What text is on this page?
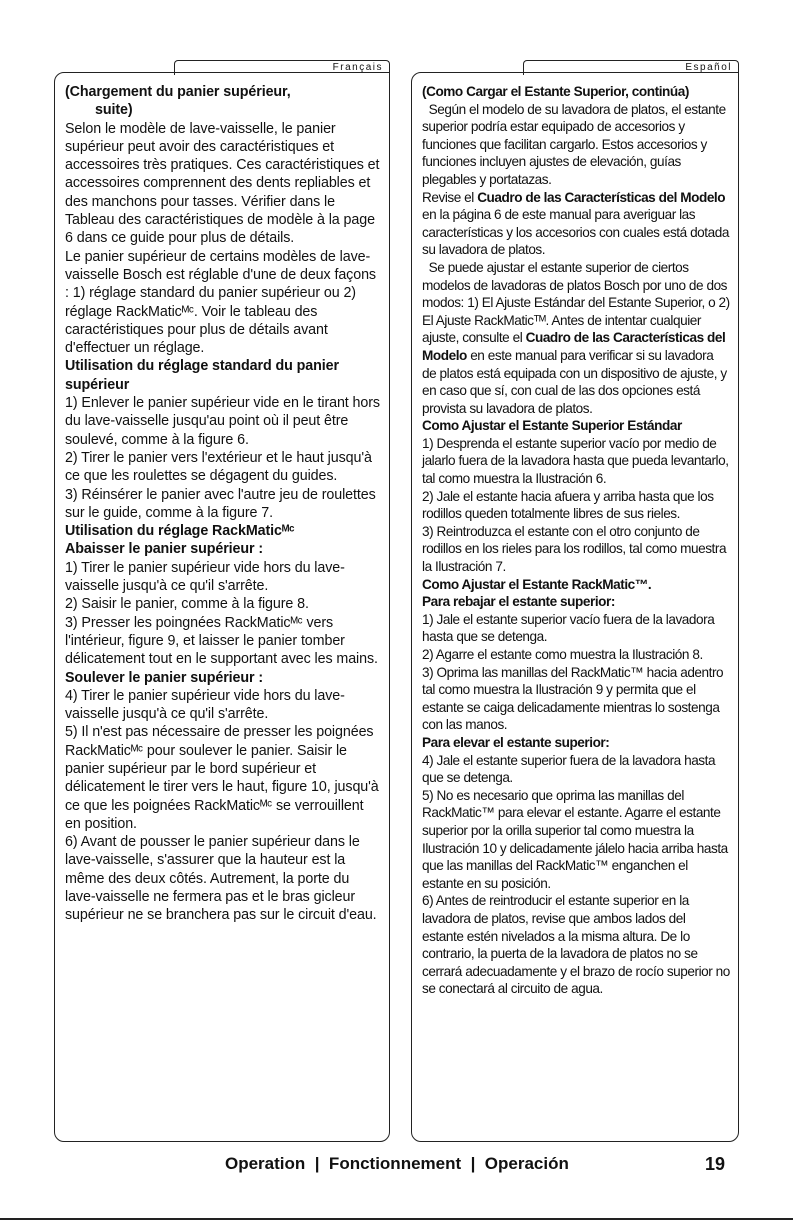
Français	Español

(Chargement du panier supérieur,

suite)

Selon le modèle de lave-vaisselle, le panier supérieur peut avoir des caractéristiques et accessoires très pratiques. Ces caractéristiques et accessoires comprennent des dents repliables et des manchons pour tasses. Vérifier dans le Tableau des caractéristiques de modèle à la page 6 dans ce guide pour plus de détails.

Le panier supérieur de certains modèles de lave-vaisselle Bosch est réglable d'une de deux façons : 1) réglage standard du panier supérieur ou 2) réglage RackMaticᴹᶜ. Voir le tableau des caractéristiques pour plus de détails avant d'effectuer un réglage.

Utilisation du réglage standard du panier supérieur

1) Enlever le panier supérieur vide en le tirant hors du lave-vaisselle jusqu'au point où il peut être soulevé, comme à la figure 6.

2) Tirer le panier vers l'extérieur et le haut jusqu'à ce que les roulettes se dégagent du guides.

3) Réinsérer le panier avec l'autre jeu de roulettes sur le guide, comme à la figure 7.

Utilisation du réglage RackMaticᴹᶜ

Abaisser le panier supérieur :

1) Tirer le panier supérieur vide hors du lave-vaisselle jusqu'à ce qu'il s'arrête.

2) Saisir le panier, comme à la figure 8.

3) Presser les poingnées RackMaticᴹᶜ vers l'intérieur, figure 9, et laisser le panier tomber délicatement tout en le supportant avec les mains.

Soulever le panier supérieur :

4) Tirer le panier supérieur vide hors du lave-vaisselle jusqu'à ce qu'il s'arrête.

5) Il n'est pas nécessaire de presser les poignées RackMaticᴹᶜ pour soulever le panier. Saisir le panier supérieur par le bord supérieur et délicatement le tirer vers le haut, figure 10, jusqu'à ce que les poignées RackMaticᴹᶜ se verrouillent en position.

6) Avant de pousser le panier supérieur dans le lave-vaisselle, s'assurer que la hauteur est la même des deux côtés. Autrement, la porte du lave-vaisselle ne fermera pas et le bras gicleur supérieur ne se branchera pas sur le circuit d'eau.

(Como Cargar el Estante Superior, continúa)

Según el modelo de su lavadora de platos, el estante superior podría estar equipado de accesorios y funciones que facilitan cargarlo. Estos accesorios y funciones incluyen ajustes de elevación, guías plegables y portatazas.

Revise el Cuadro de las Características del Modelo en la página 6 de este manual para averiguar las características y los accesorios con cuales está dotada su lavadora de platos.

Se puede ajustar el estante superior de ciertos modelos de lavadoras de platos Bosch por uno de dos modos: 1) El Ajuste Estándar del Estante Superior, o 2) El Ajuste RackMaticᵀᴹ. Antes de intentar cualquier ajuste, consulte el Cuadro de las Características del Modelo en este manual para verificar si su lavadora de platos está equipada con un dispositivo de ajuste, y en caso que sí, con cual de las dos opciones está provista su lavadora de platos.

Como Ajustar el Estante Superior Estándar

1) Desprenda el estante superior vacío por medio de jalarlo fuera de la lavadora hasta que pueda levantarlo, tal como muestra la Ilustración 6.

2) Jale el estante hacia afuera y arriba hasta que los rodillos queden totalmente libres de sus rieles.

3) Reintroduzca el estante con el otro conjunto de rodillos en los rieles para los rodillos, tal como muestra la Ilustración 7.

Como Ajustar el Estante RackMatic™.

Para rebajar el estante superior:

1) Jale el estante superior vacío fuera de la lavadora hasta que se detenga.

2) Agarre el estante como muestra la Ilustración 8.

3) Oprima las manillas del RackMatic™ hacia adentro tal como muestra la Ilustración 9 y permita que el estante se caiga delicadamente mientras lo sostenga con las manos.

Para elevar el estante superior:

4) Jale el estante superior fuera de la lavadora hasta que se detenga.

5) No es necesario que oprima las manillas del RackMatic™ para elevar el estante. Agarre el estante superior por la orilla superior tal como muestra la Ilustración 10 y delicadamente jálelo hacia arriba hasta que las manillas del RackMatic™ enganchen el estante en su posición.

6) Antes de reintroducir el estante superior en la lavadora de platos, revise que ambos lados del estante estén nivelados a la misma altura. De lo contrario, la puerta de la lavadora de platos no se cerrará adecuadamente y el brazo de rocío superior no se conectará al circuito de agua.

Operation  |  Fonctionnement  |  Operación	19
